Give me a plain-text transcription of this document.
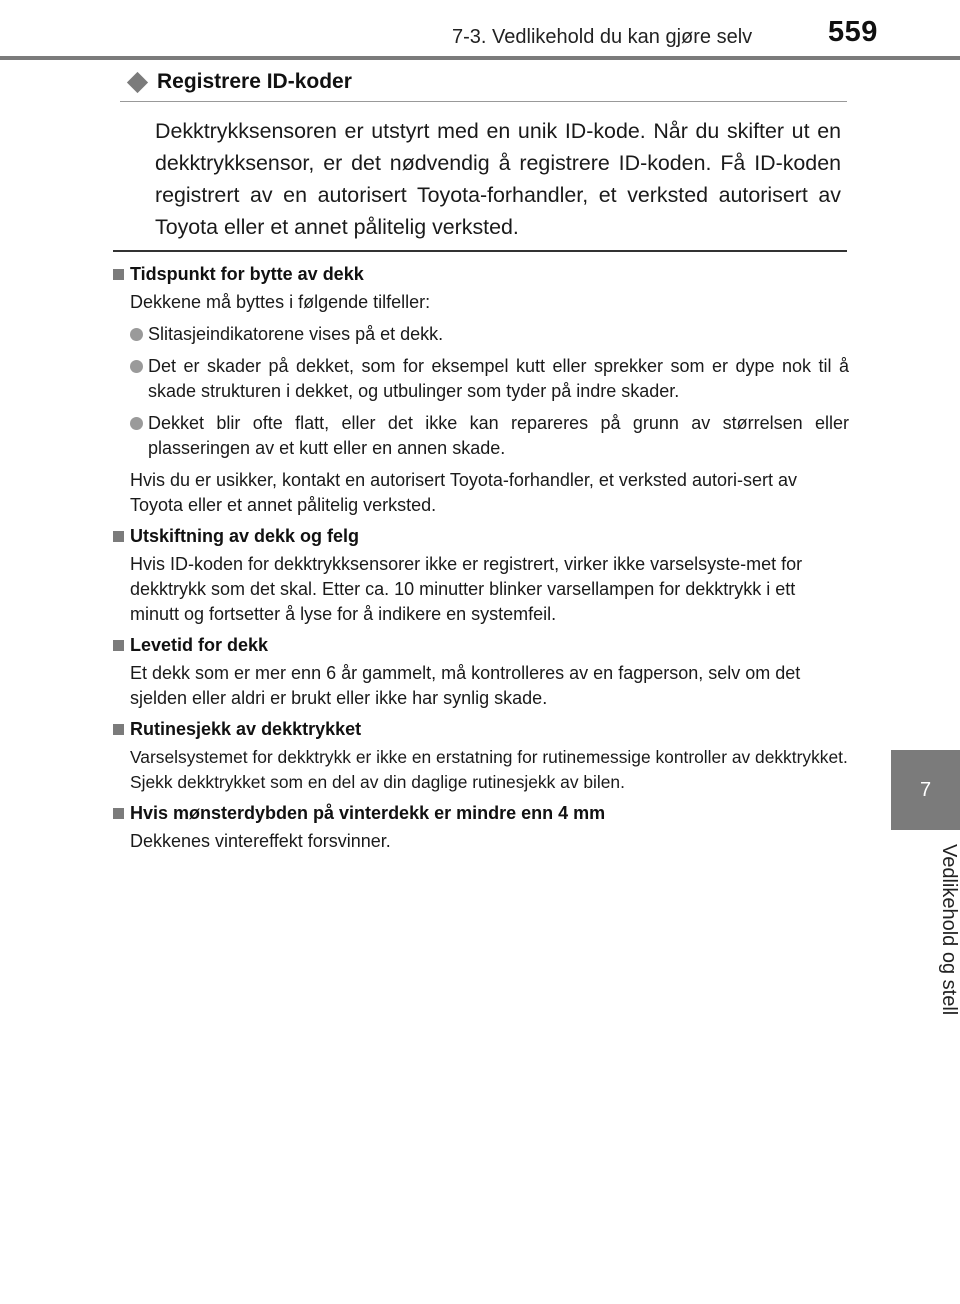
7-3. Vedlikehold du kan gjøre selv	559
7
Vedlikehold og stell
Registrere ID-koder
Dekktrykksensoren er utstyrt med en unik ID-kode. Når du skifter ut en dekktrykksensor, er det nødvendig å registrere ID-koden. Få ID-koden registrert av en autorisert Toyota-forhandler, et verksted autorisert av Toyota eller et annet pålitelig verksted.
Tidspunkt for bytte av dekk
Dekkene må byttes i følgende tilfeller:
Slitasjeindikatorene vises på et dekk.
Det er skader på dekket, som for eksempel kutt eller sprekker som er dype nok til å skade strukturen i dekket, og utbulinger som tyder på indre skader.
Dekket blir ofte flatt, eller det ikke kan repareres på grunn av størrelsen eller plasseringen av et kutt eller en annen skade.
Hvis du er usikker, kontakt en autorisert Toyota-forhandler, et verksted autori-sert av Toyota eller et annet pålitelig verksted.
Utskiftning av dekk og felg
Hvis ID-koden for dekktrykksensorer ikke er registrert, virker ikke varselsyste-met for dekktrykk som det skal. Etter ca. 10 minutter blinker varsellampen for dekktrykk i ett minutt og fortsetter å lyse for å indikere en systemfeil.
Levetid for dekk
Et dekk som er mer enn 6 år gammelt, må kontrolleres av en fagperson, selv om det sjelden eller aldri er brukt eller ikke har synlig skade.
Rutinesjekk av dekktrykket
Varselsystemet for dekktrykk er ikke en erstatning for rutinemessige kontroller av dekktrykket. Sjekk dekktrykket som en del av din daglige rutinesjekk av bilen.
Hvis mønsterdybden på vinterdekk er mindre enn 4 mm
Dekkenes vintereffekt forsvinner.
